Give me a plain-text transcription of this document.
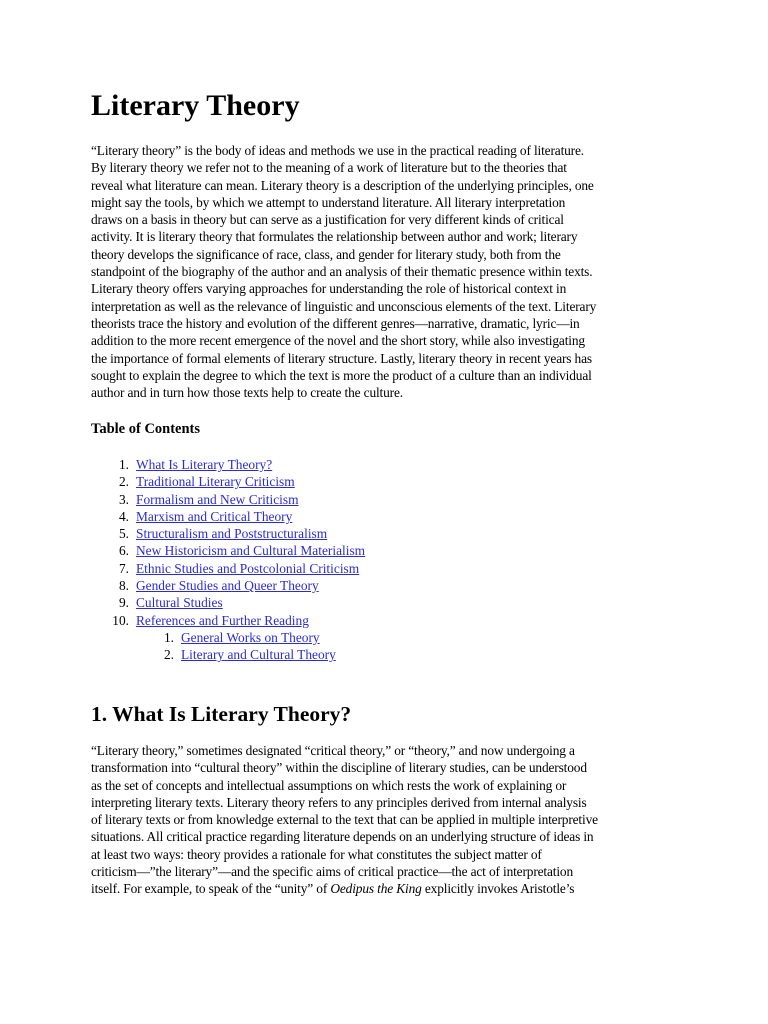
Literary Theory

“Literary theory” is the body of ideas and methods we use in the practical reading of literature.
By literary theory we refer not to the meaning of a work of literature but to the theories that
reveal what literature can mean. Literary theory is a description of the underlying principles, one
might say the tools, by which we attempt to understand literature. All literary interpretation
draws on a basis in theory but can serve as a justification for very different kinds of critical
activity. It is literary theory that formulates the relationship between author and work; literary
theory develops the significance of race, class, and gender for literary study, both from the
standpoint of the biography of the author and an analysis of their thematic presence within texts.
Literary theory offers varying approaches for understanding the role of historical context in
interpretation as well as the relevance of linguistic and unconscious elements of the text. Literary
theorists trace the history and evolution of the different genres—narrative, dramatic, lyric—in
addition to the more recent emergence of the novel and the short story, while also investigating
the importance of formal elements of literary structure. Lastly, literary theory in recent years has
sought to explain the degree to which the text is more the product of a culture than an individual
author and in turn how those texts help to create the culture.

Table of Contents
1. What Is Literary Theory?
2. Traditional Literary Criticism
3. Formalism and New Criticism
4. Marxism and Critical Theory
5. Structuralism and Poststructuralism
6. New Historicism and Cultural Materialism
7. Ethnic Studies and Postcolonial Criticism
8. Gender Studies and Queer Theory
9. Cultural Studies
10. References and Further Reading
1. General Works on Theory
2. Literary and Cultural Theory
1. What Is Literary Theory?

“Literary theory,” sometimes designated “critical theory,” or “theory,” and now undergoing a
transformation into “cultural theory” within the discipline of literary studies, can be understood
as the set of concepts and intellectual assumptions on which rests the work of explaining or
interpreting literary texts. Literary theory refers to any principles derived from internal analysis
of literary texts or from knowledge external to the text that can be applied in multiple interpretive
situations. All critical practice regarding literature depends on an underlying structure of ideas in
at least two ways: theory provides a rationale for what constitutes the subject matter of
criticism—”the literary”—and the specific aims of critical practice—the act of interpretation
itself. For example, to speak of the “unity” of Oedipus the King explicitly invokes Aristotle’s
